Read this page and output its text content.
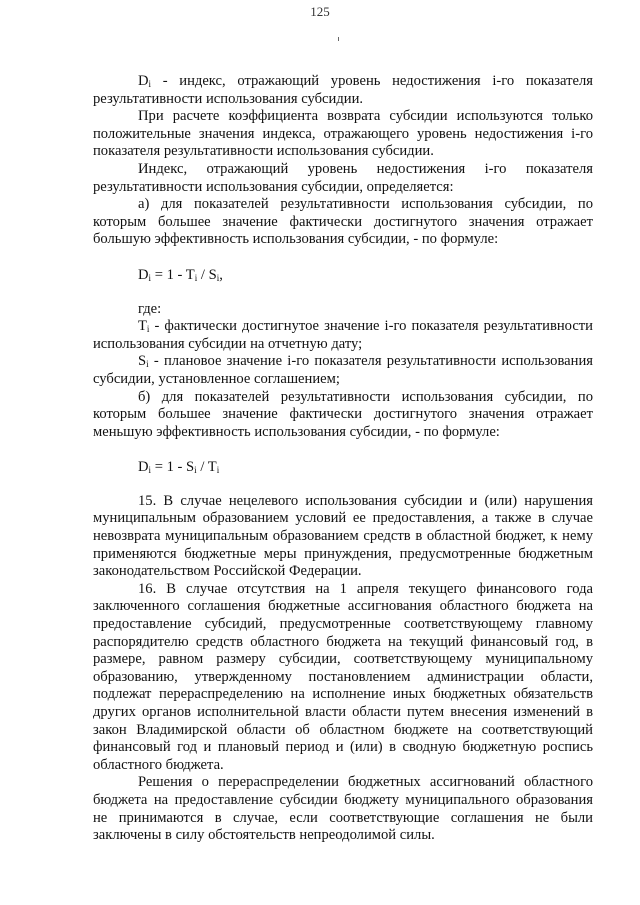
125

$D_i$ - индекс, отражающий уровень недостижения i-го показателя результативности использования субсидии.

При расчете коэффициента возврата субсидии используются только положительные значения индекса, отражающего уровень недостижения i-го показателя результативности использования субсидии.

Индекс, отражающий уровень недостижения i-го показателя результативности использования субсидии, определяется:

а) для показателей результативности использования субсидии, по которым большее значение фактически достигнутого значения отражает большую эффективность использования субсидии, - по формуле:

$D_i = 1 - T_i / S_i$,

где:

$T_i$ - фактически достигнутое значение i-го показателя результативности использования субсидии на отчетную дату;

$S_i$ - плановое значение i-го показателя результативности использования субсидии, установленное соглашением;

б) для показателей результативности использования субсидии, по которым большее значение фактически достигнутого значения отражает меньшую эффективность использования субсидии, - по формуле:

$D_i = 1 - S_i / T_i$

15. В случае нецелевого использования субсидии и (или) нарушения муниципальным образованием условий ее предоставления, а также в случае невозврата муниципальным образованием средств в областной бюджет, к нему применяются бюджетные меры принуждения, предусмотренные бюджетным законодательством Российской Федерации.

16. В случае отсутствия на 1 апреля текущего финансового года заключенного соглашения бюджетные ассигнования областного бюджета на предоставление субсидий, предусмотренные соответствующему главному распорядителю средств областного бюджета на текущий финансовый год, в размере, равном размеру субсидии, соответствующему муниципальному образованию, утвержденному постановлением администрации области, подлежат перераспределению на исполнение иных бюджетных обязательств других органов исполнительной власти области путем внесения изменений в закон Владимирской области об областном бюджете на соответствующий финансовый год и плановый период и (или) в сводную бюджетную роспись областного бюджета.

Решения о перераспределении бюджетных ассигнований областного бюджета на предоставление субсидии бюджету муниципального образования не принимаются в случае, если соответствующие соглашения не были заключены в силу обстоятельств непреодолимой силы.
